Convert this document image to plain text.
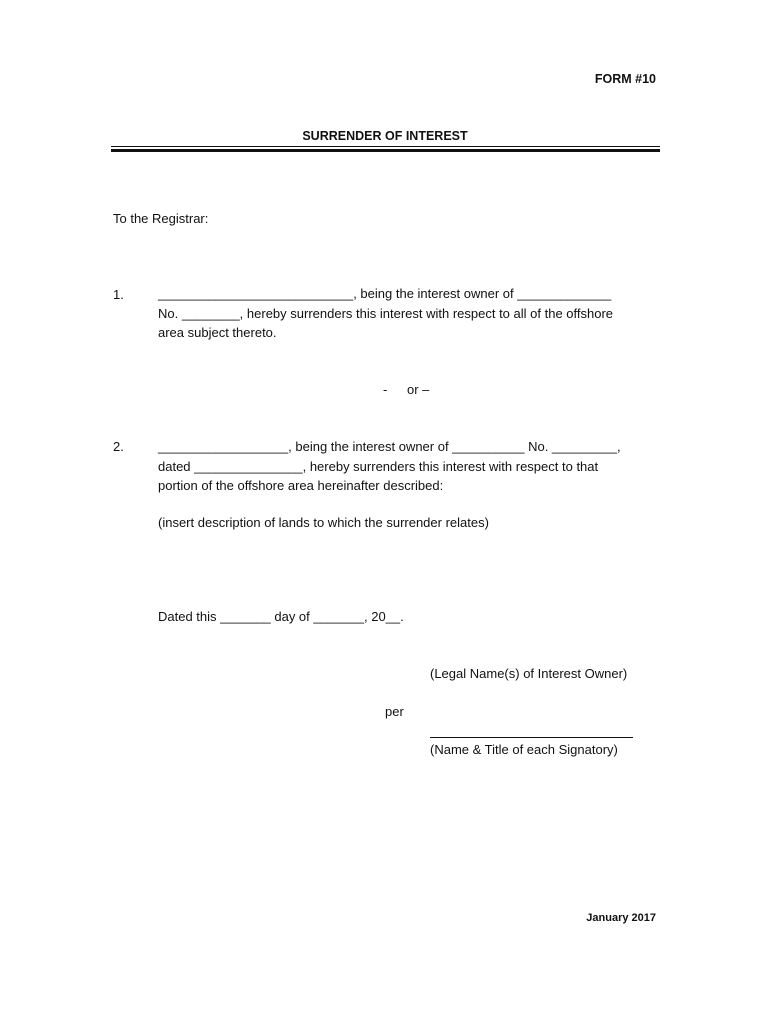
FORM #10
SURRENDER OF INTEREST
To the Registrar:
1.	___________________________, being the interest owner of _____________
No. ________, hereby surrenders this interest with respect to all of the offshore
area subject thereto.
- or –
2.	__________________, being the interest owner of __________ No. _________,
dated _______________, hereby surrenders this interest with respect to that
portion of the offshore area hereinafter described:
(insert description of lands to which the surrender relates)
Dated this _______ day of _______, 20__.
(Legal Name(s) of Interest Owner)
per
(Name & Title of each Signatory)
January 2017
